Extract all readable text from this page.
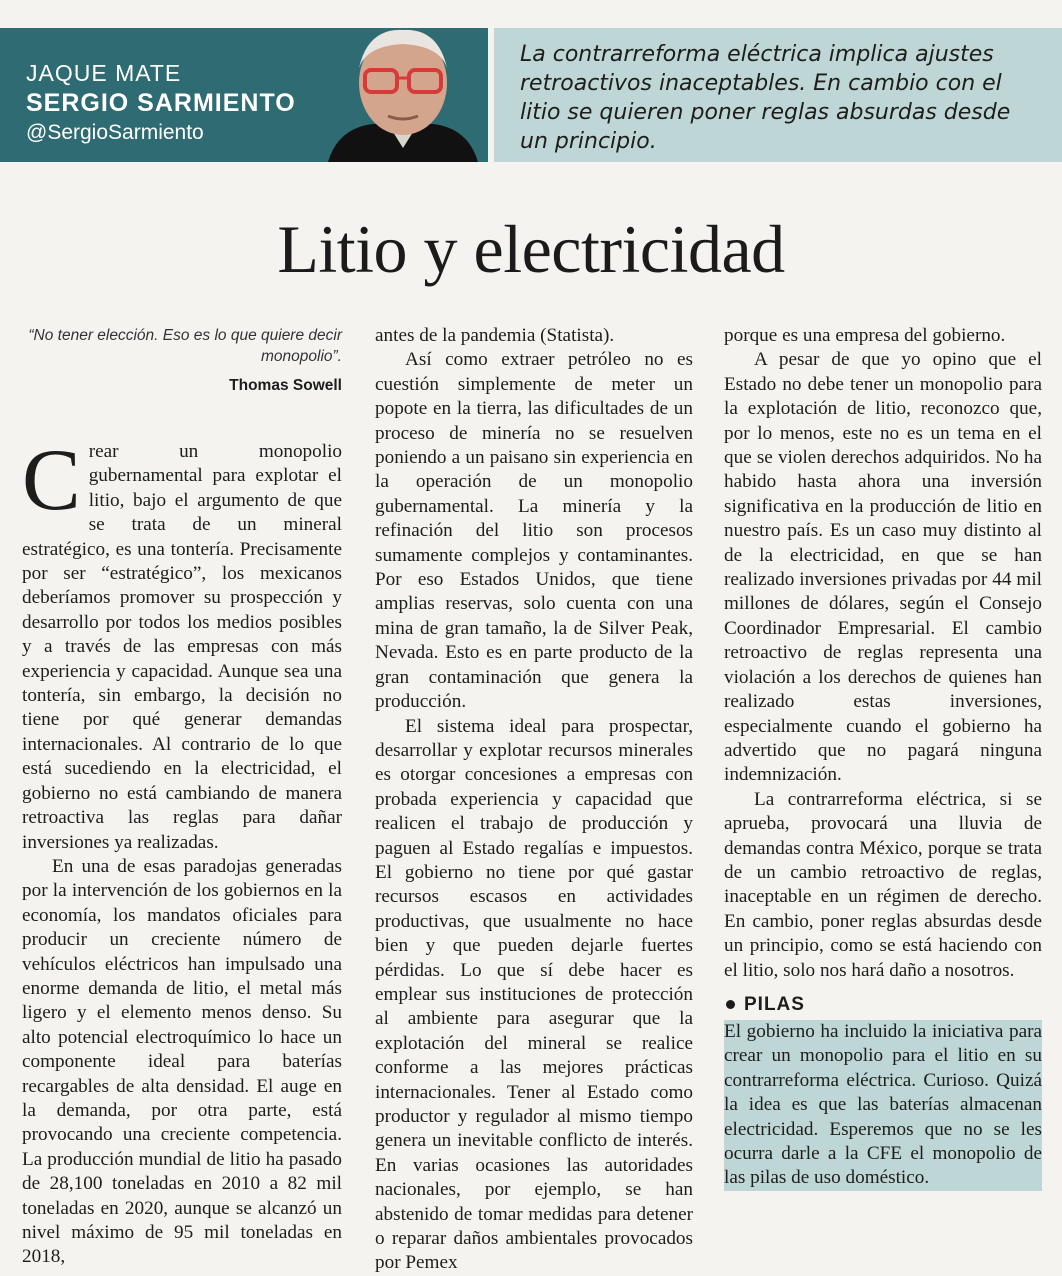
JAQUE MATE
SERGIO SARMIENTO
@SergioSarmiento
La contrarreforma eléctrica implica ajustes retroactivos inaceptables. En cambio con el litio se quieren poner reglas absurdas desde un principio.
Litio y electricidad
“No tener elección. Eso es lo que quiere decir monopolio”.
Thomas Sowell

Crear un monopolio gubernamental para explotar el litio, bajo el argumento de que se trata de un mineral estratégico, es una tontería. Precisamente por ser “estratégico”, los mexicanos deberíamos promover su prospección y desarrollo por todos los medios posibles y a través de las empresas con más experiencia y capacidad. Aunque sea una tontería, sin embargo, la decisión no tiene por qué generar demandas internacionales. Al contrario de lo que está sucediendo en la electricidad, el gobierno no está cambiando de manera retroactiva las reglas para dañar inversiones ya realizadas.

En una de esas paradojas generadas por la intervención de los gobiernos en la economía, los mandatos oficiales para producir un creciente número de vehículos eléctricos han impulsado una enorme demanda de litio, el metal más ligero y el elemento menos denso. Su alto potencial electroquímico lo hace un componente ideal para baterías recargables de alta densidad. El auge en la demanda, por otra parte, está provocando una creciente competencia. La producción mundial de litio ha pasado de 28,100 toneladas en 2010 a 82 mil toneladas en 2020, aunque se alcanzó un nivel máximo de 95 mil toneladas en 2018,

antes de la pandemia (Statista).

Así como extraer petróleo no es cuestión simplemente de meter un popote en la tierra, las dificultades de un proceso de minería no se resuelven poniendo a un paisano sin experiencia en la operación de un monopolio gubernamental. La minería y la refinación del litio son procesos sumamente complejos y contaminantes. Por eso Estados Unidos, que tiene amplias reservas, solo cuenta con una mina de gran tamaño, la de Silver Peak, Nevada. Esto es en parte producto de la gran contaminación que genera la producción.

El sistema ideal para prospectar, desarrollar y explotar recursos minerales es otorgar concesiones a empresas con probada experiencia y capacidad que realicen el trabajo de producción y paguen al Estado regalías e impuestos. El gobierno no tiene por qué gastar recursos escasos en actividades productivas, que usualmente no hace bien y que pueden dejarle fuertes pérdidas. Lo que sí debe hacer es emplear sus instituciones de protección al ambiente para asegurar que la explotación del mineral se realice conforme a las mejores prácticas internacionales. Tener al Estado como productor y regulador al mismo tiempo genera un inevitable conflicto de interés. En varias ocasiones las autoridades nacionales, por ejemplo, se han abstenido de tomar medidas para detener o reparar daños ambientales provocados por Pemex

porque es una empresa del gobierno.

A pesar de que yo opino que el Estado no debe tener un monopolio para la explotación de litio, reconozco que, por lo menos, este no es un tema en el que se violen derechos adquiridos. No ha habido hasta ahora una inversión significativa en la producción de litio en nuestro país. Es un caso muy distinto al de la electricidad, en que se han realizado inversiones privadas por 44 mil millones de dólares, según el Consejo Coordinador Empresarial. El cambio retroactivo de reglas representa una violación a los derechos de quienes han realizado estas inversiones, especialmente cuando el gobierno ha advertido que no pagará ninguna indemnización.

La contrarreforma eléctrica, si se aprueba, provocará una lluvia de demandas contra México, porque se trata de un cambio retroactivo de reglas, inaceptable en un régimen de derecho. En cambio, poner reglas absurdas desde un principio, como se está haciendo con el litio, solo nos hará daño a nosotros.

PILAS

El gobierno ha incluido la iniciativa para crear un monopolio para el litio en su contrarreforma eléctrica. Curioso. Quizá la idea es que las baterías almacenan electricidad. Esperemos que no se les ocurra darle a la CFE el monopolio de las pilas de uso doméstico.
